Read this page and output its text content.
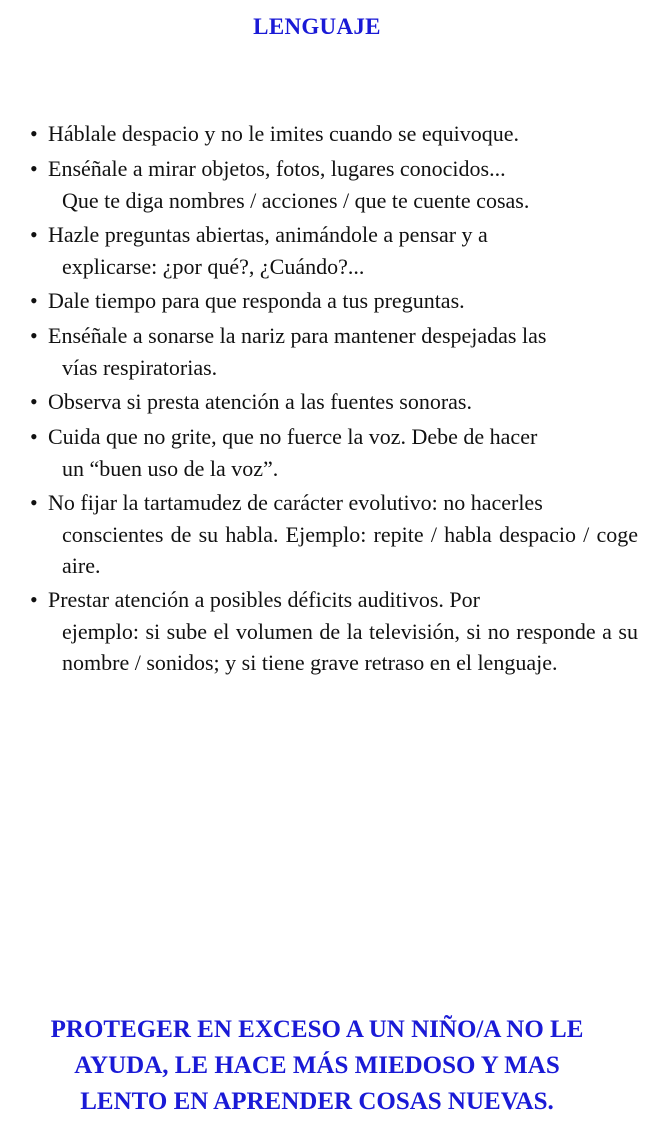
LENGUAJE
• Háblale despacio y no le imites cuando se equivoque.
• Enséñale a mirar objetos, fotos, lugares conocidos...
Que te diga nombres / acciones / que te cuente cosas.
• Hazle preguntas abiertas, animándole a pensar y a
explicarse: ¿por qué?, ¿Cuándo?...
• Dale tiempo para que responda a tus preguntas.
• Enséñale a sonarse la nariz para mantener despejadas las
vías respiratorias.
• Observa si presta atención a las fuentes sonoras.
• Cuida que no grite, que no fuerce la voz. Debe de hacer
un “buen uso de la voz”.
• No fijar la tartamudez de carácter evolutivo: no hacerles
conscientes de su habla. Ejemplo: repite / habla despacio / coge aire.
• Prestar atención a posibles déficits auditivos. Por
ejemplo: si sube el volumen de la televisión, si no responde a su nombre / sonidos; y si tiene grave retraso en el lenguaje.
PROTEGER EN EXCESO A UN NIÑO/A NO LE
AYUDA, LE HACE MÁS MIEDOSO Y MAS
LENTO EN APRENDER COSAS NUEVAS.
